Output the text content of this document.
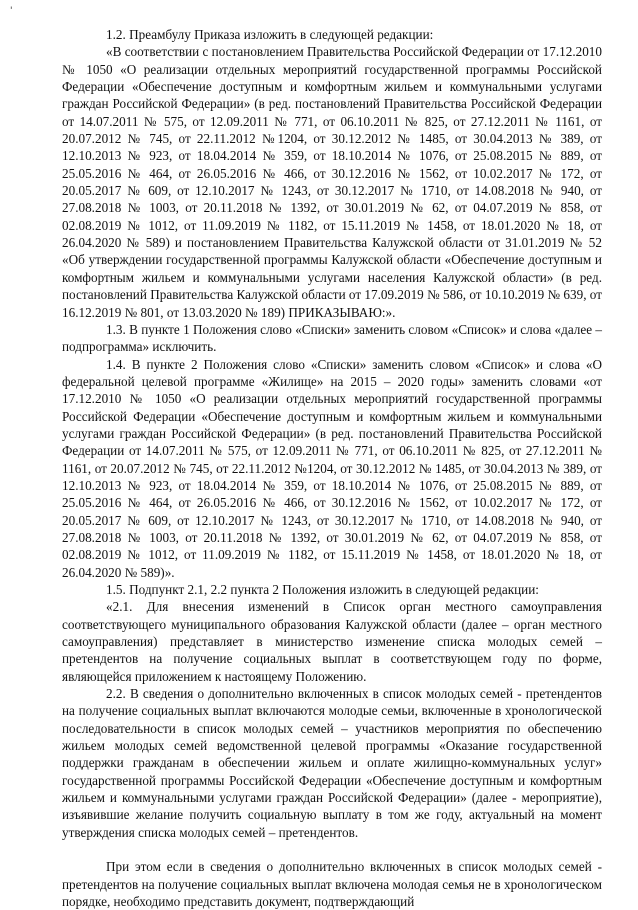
'

1.2. Преамбулу Приказа изложить в следующей редакции:

«В соответствии с постановлением Правительства Российской Федерации от 17.12.2010 № 1050 «О реализации отдельных мероприятий государственной программы Российской Федерации «Обеспечение доступным и комфортным жильем и коммунальными услугами граждан Российской Федерации» (в ред. постановлений Правительства Российской Федерации от 14.07.2011 № 575, от 12.09.2011 № 771, от 06.10.2011 № 825, от 27.12.2011 № 1161, от 20.07.2012 № 745, от 22.11.2012 №1204, от 30.12.2012 № 1485, от 30.04.2013 № 389, от 12.10.2013 № 923, от 18.04.2014 № 359, от 18.10.2014 № 1076, от 25.08.2015 № 889, от 25.05.2016 № 464, от 26.05.2016 № 466, от 30.12.2016 № 1562, от 10.02.2017 № 172, от 20.05.2017 № 609, от 12.10.2017 № 1243, от 30.12.2017 № 1710, от 14.08.2018 № 940, от 27.08.2018 № 1003, от 20.11.2018 № 1392, от 30.01.2019 № 62, от 04.07.2019 № 858, от 02.08.2019 № 1012, от 11.09.2019 № 1182, от 15.11.2019 № 1458, от 18.01.2020 № 18, от 26.04.2020 № 589) и постановлением Правительства Калужской области от 31.01.2019 № 52 «Об утверждении государственной программы Калужской области «Обеспечение доступным и комфортным жильем и коммунальными услугами населения Калужской области» (в ред. постановлений Правительства Калужской области от 17.09.2019 № 586, от 10.10.2019 № 639, от 16.12.2019 № 801, от 13.03.2020 № 189) ПРИКАЗЫВАЮ:».

1.3. В пункте 1 Положения слово «Списки» заменить словом «Список» и слова «далее – подпрограмма» исключить.

1.4. В пункте 2 Положения слово «Списки» заменить словом «Список» и слова «О федеральной целевой программе «Жилище» на 2015 – 2020 годы» заменить словами «от 17.12.2010 № 1050 «О реализации отдельных мероприятий государственной программы Российской Федерации «Обеспечение доступным и комфортным жильем и коммунальными услугами граждан Российской Федерации» (в ред. постановлений Правительства Российской Федерации от 14.07.2011 № 575, от 12.09.2011 № 771, от 06.10.2011 № 825, от 27.12.2011 № 1161, от 20.07.2012 № 745, от 22.11.2012 №1204, от 30.12.2012 № 1485, от 30.04.2013 № 389, от 12.10.2013 № 923, от 18.04.2014 № 359, от 18.10.2014 № 1076, от 25.08.2015 № 889, от 25.05.2016 № 464, от 26.05.2016 № 466, от 30.12.2016 № 1562, от 10.02.2017 № 172, от 20.05.2017 № 609, от 12.10.2017 № 1243, от 30.12.2017 № 1710, от 14.08.2018 № 940, от 27.08.2018 № 1003, от 20.11.2018 № 1392, от 30.01.2019 № 62, от 04.07.2019 № 858, от 02.08.2019 № 1012, от 11.09.2019 № 1182, от 15.11.2019 № 1458, от 18.01.2020 № 18, от 26.04.2020 № 589)».

1.5. Подпункт 2.1, 2.2 пункта 2 Положения изложить в следующей редакции:

«2.1. Для внесения изменений в Список орган местного самоуправления соответствующего муниципального образования Калужской области (далее – орган местного самоуправления) представляет в министерство изменение списка молодых семей – претендентов на получение социальных выплат в соответствующем году по форме, являющейся приложением к настоящему Положению.

2.2. В сведения о дополнительно включенных в список молодых семей - претендентов на получение социальных выплат включаются молодые семьи, включенные в хронологической последовательности в список молодых семей – участников мероприятия по обеспечению жильем молодых семей ведомственной целевой программы «Оказание государственной поддержки гражданам в обеспечении жильем и оплате жилищно-коммунальных услуг» государственной программы Российской Федерации «Обеспечение доступным и комфортным жильем и коммунальными услугами граждан Российской Федерации» (далее - мероприятие), изъявившие желание получить социальную выплату в том же году, актуальный на момент утверждения списка молодых семей – претендентов.

При этом если в сведения о дополнительно включенных в список молодых семей - претендентов на получение социальных выплат включена молодая семья не в хронологическом порядке, необходимо представить документ, подтверждающий
